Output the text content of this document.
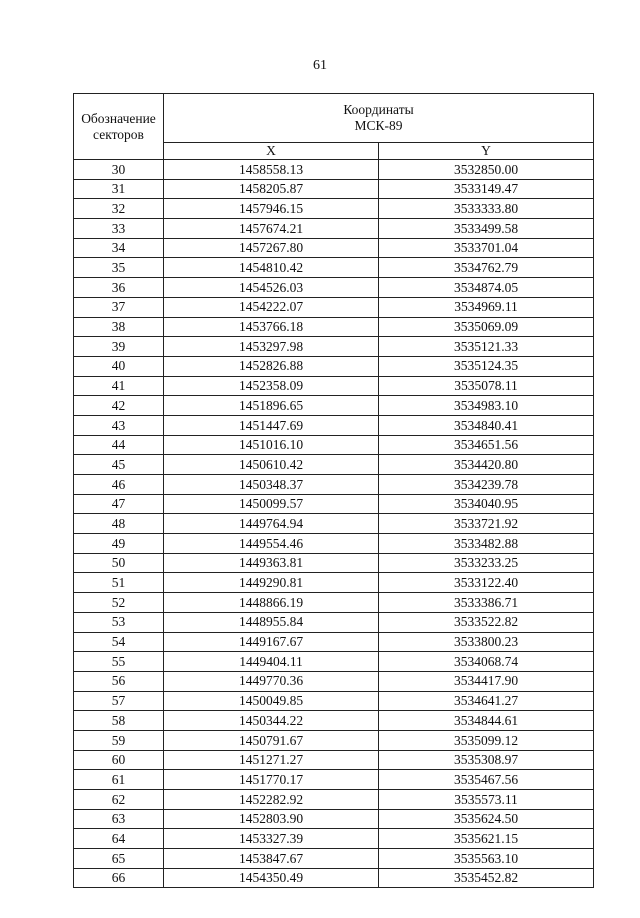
61
Обозначение
секторов	Координаты
МСК-89	

	X	Y
30	1458558.13	3532850.00
31	1458205.87	3533149.47
32	1457946.15	3533333.80
33	1457674.21	3533499.58
34	1457267.80	3533701.04
35	1454810.42	3534762.79
36	1454526.03	3534874.05
37	1454222.07	3534969.11
38	1453766.18	3535069.09
39	1453297.98	3535121.33
40	1452826.88	3535124.35
41	1452358.09	3535078.11
42	1451896.65	3534983.10
43	1451447.69	3534840.41
44	1451016.10	3534651.56
45	1450610.42	3534420.80
46	1450348.37	3534239.78
47	1450099.57	3534040.95
48	1449764.94	3533721.92
49	1449554.46	3533482.88
50	1449363.81	3533233.25
51	1449290.81	3533122.40
52	1448866.19	3533386.71
53	1448955.84	3533522.82
54	1449167.67	3533800.23
55	1449404.11	3534068.74
56	1449770.36	3534417.90
57	1450049.85	3534641.27
58	1450344.22	3534844.61
59	1450791.67	3535099.12
60	1451271.27	3535308.97
61	1451770.17	3535467.56
62	1452282.92	3535573.11
63	1452803.90	3535624.50
64	1453327.39	3535621.15
65	1453847.67	3535563.10
66	1454350.49	3535452.82
